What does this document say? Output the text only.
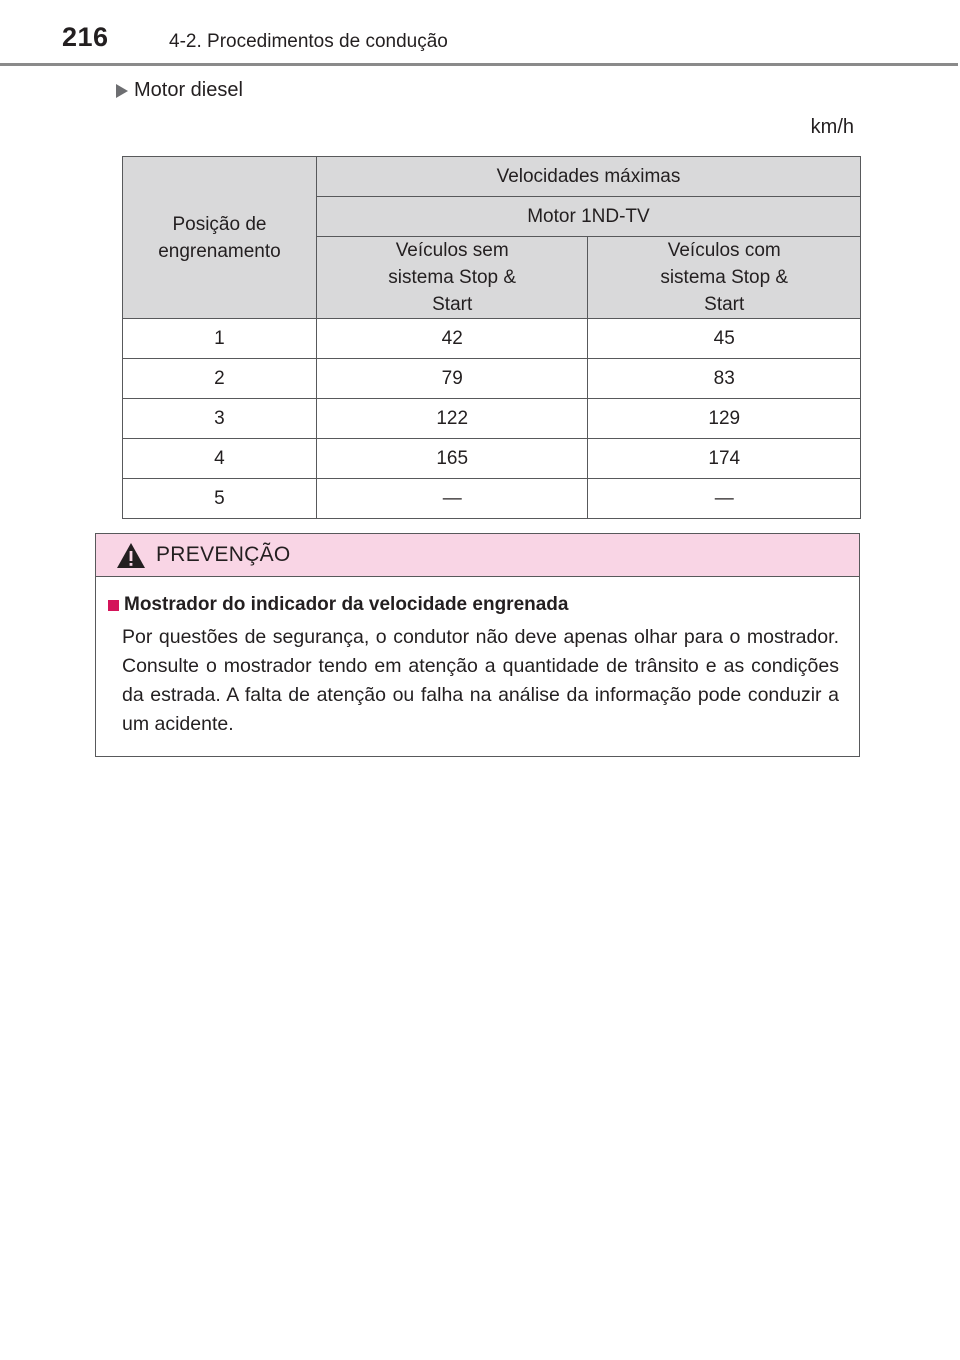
216	4-2. Procedimentos de condução
Motor diesel
km/h
Posição de engrenamento	Velocidades máximas	
	Motor 1ND-TV	
	Veículos sem sistema Stop & Start	Veículos com sistema Stop & Start
1	42	45
2	79	83
3	122	129
4	165	174
5	—	—
PREVENÇÃO
Mostrador do indicador da velocidade engrenada

Por questões de segurança, o condutor não deve apenas olhar para o mostrador. Consulte o mostrador tendo em atenção a quantidade de trânsito e as condições da estrada. A falta de atenção ou falha na análise da informação pode conduzir a um acidente.
